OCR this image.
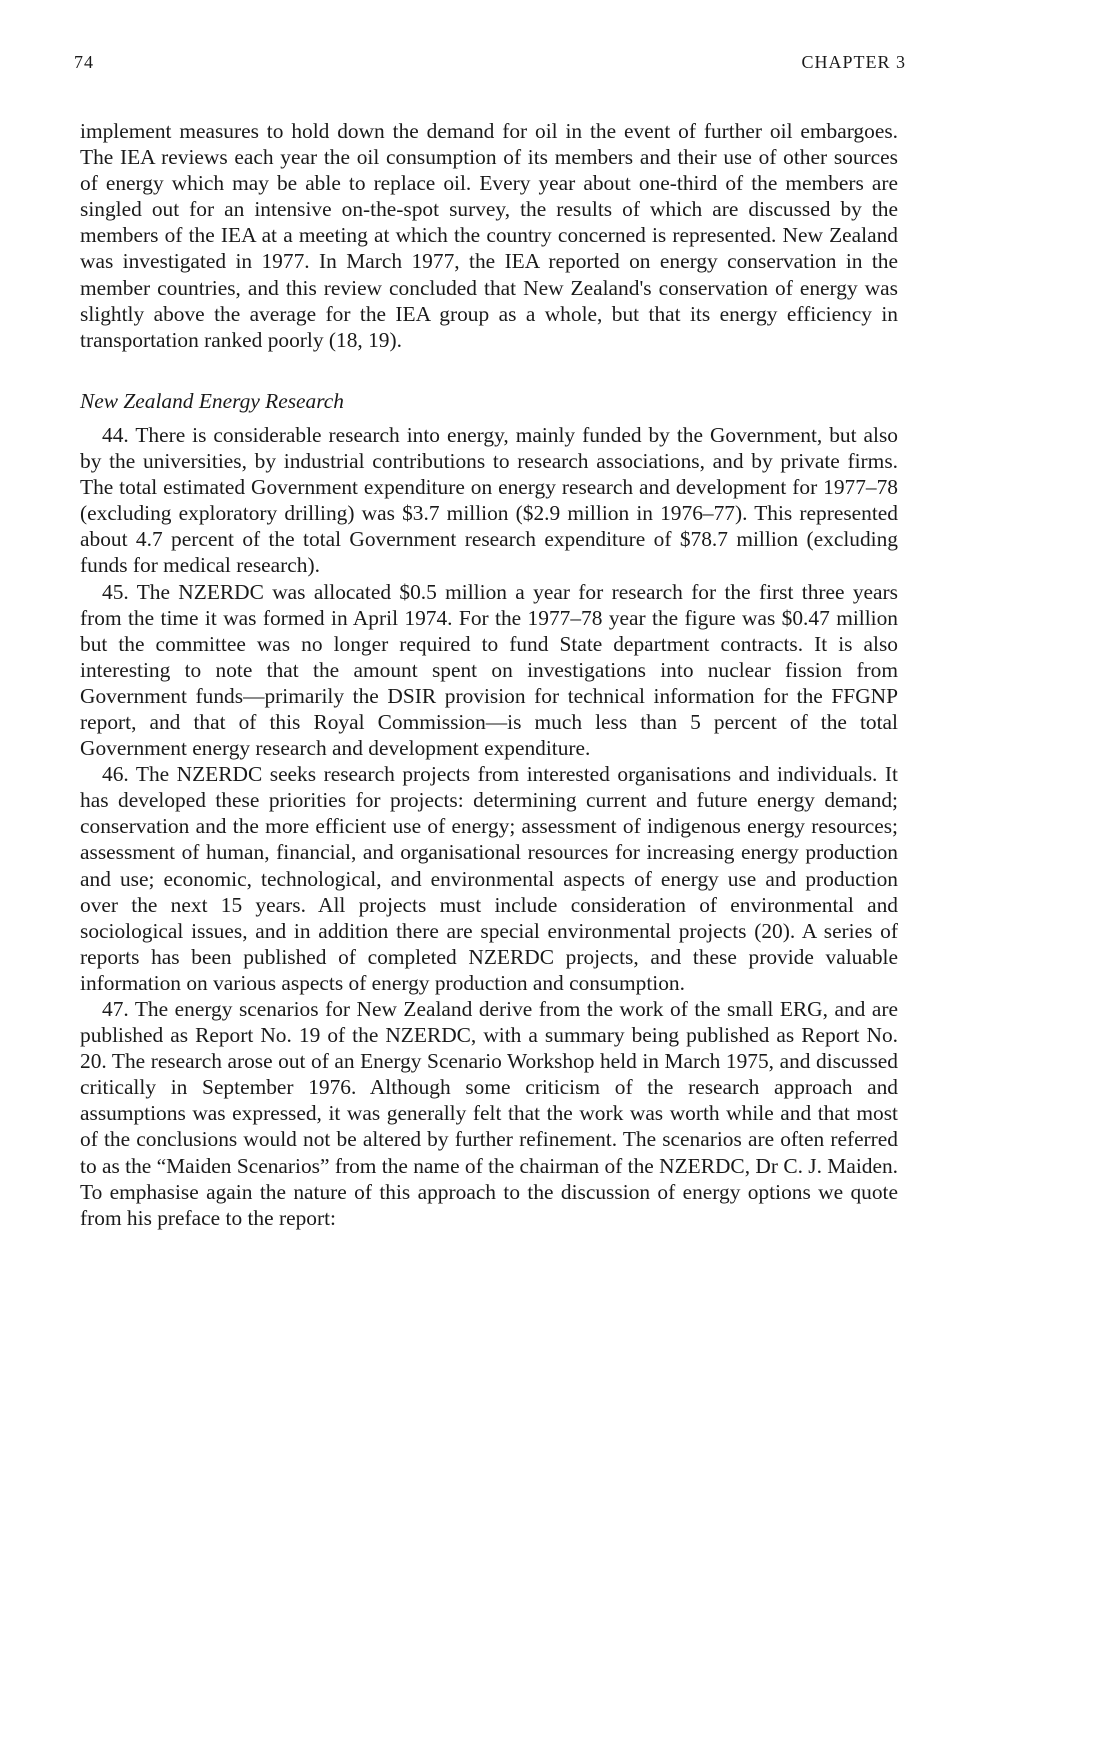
74	CHAPTER 3

implement measures to hold down the demand for oil in the event of further oil embargoes. The IEA reviews each year the oil consumption of its members and their use of other sources of energy which may be able to replace oil. Every year about one-third of the members are singled out for an intensive on-the-spot survey, the results of which are discussed by the members of the IEA at a meeting at which the country concerned is represented. New Zealand was investigated in 1977. In March 1977, the IEA reported on energy conservation in the member countries, and this review concluded that New Zealand's conservation of energy was slightly above the average for the IEA group as a whole, but that its energy efficiency in transportation ranked poorly (18, 19).

New Zealand Energy Research

44. There is considerable research into energy, mainly funded by the Government, but also by the universities, by industrial contributions to research associations, and by private firms. The total estimated Government expenditure on energy research and development for 1977–78 (excluding exploratory drilling) was $3.7 million ($2.9 million in 1976–77). This represented about 4.7 percent of the total Government research expenditure of $78.7 million (excluding funds for medical research).

45. The NZERDC was allocated $0.5 million a year for research for the first three years from the time it was formed in April 1974. For the 1977–78 year the figure was $0.47 million but the committee was no longer required to fund State department contracts. It is also interesting to note that the amount spent on investigations into nuclear fission from Government funds—primarily the DSIR provision for technical information for the FFGNP report, and that of this Royal Commission—is much less than 5 percent of the total Government energy research and development expenditure.

46. The NZERDC seeks research projects from interested organisations and individuals. It has developed these priorities for projects: determining current and future energy demand; conservation and the more efficient use of energy; assessment of indigenous energy resources; assessment of human, financial, and organisational resources for increasing energy production and use; economic, technological, and environmental aspects of energy use and production over the next 15 years. All projects must include consideration of environmental and sociological issues, and in addition there are special environmental projects (20). A series of reports has been published of completed NZERDC projects, and these provide valuable information on various aspects of energy production and consumption.

47. The energy scenarios for New Zealand derive from the work of the small ERG, and are published as Report No. 19 of the NZERDC, with a summary being published as Report No. 20. The research arose out of an Energy Scenario Workshop held in March 1975, and discussed critically in September 1976. Although some criticism of the research approach and assumptions was expressed, it was generally felt that the work was worth while and that most of the conclusions would not be altered by further refinement. The scenarios are often referred to as the “Maiden Scenarios” from the name of the chairman of the NZERDC, Dr C. J. Maiden. To emphasise again the nature of this approach to the discussion of energy options we quote from his preface to the report:
